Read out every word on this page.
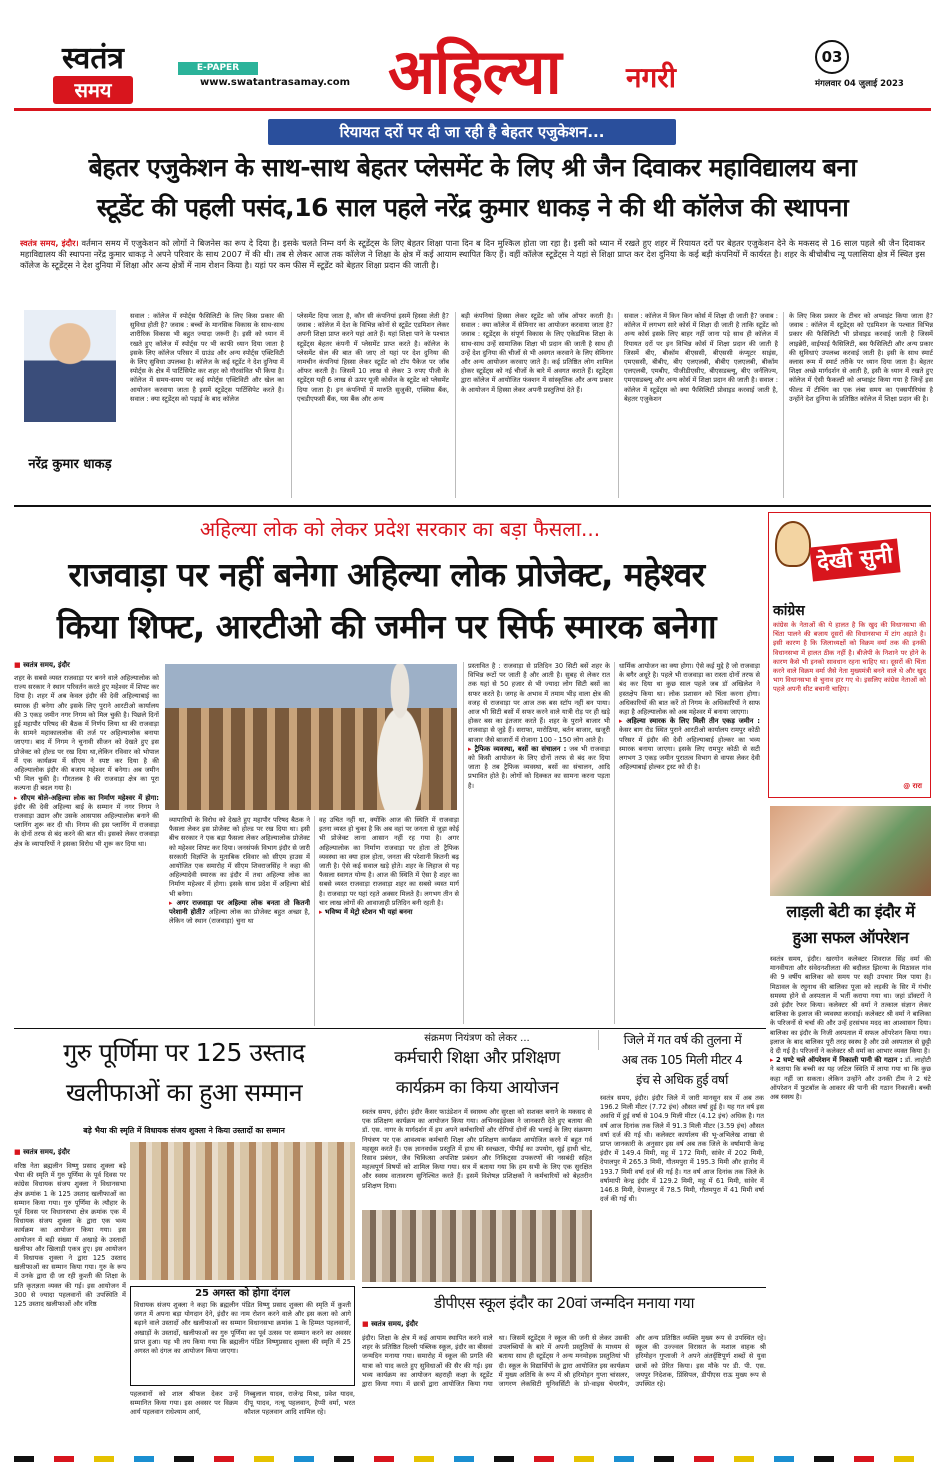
स्वतंत्र
समय
E-PAPER
www.swatantrasamay.com अहिल्या नगरी
03
मंगलवार 04 जुलाई 2023
रियायत दरों पर दी जा रही है बेहतर एजुकेशन...
बेहतर एजुकेशन के साथ-साथ बेहतर प्लेसमेंट के लिए श्री जैन दिवाकर महाविद्यालय बना
स्टूडेंट की पहली पसंद,16 साल पहले नरेंद्र कुमार धाकड़ ने की थी कॉलेज की स्थापना
स्वतंत्र समय, इंदौर। वर्तमान समय में एजुकेशन को लोगों ने बिजनेस का रूप दे दिया है। इसके चलते निम्न वर्ग के स्टूडेंट्स के लिए बेहतर शिक्षा पाना दिन ब दिन मुश्किल होता जा रहा है। इसी को ध्यान में रखते हुए शहर में रियायत दरों पर बेहतर एजुकेशन देने के मकसद से 16 साल पहले श्री जैन दिवाकर महाविद्यालय की स्थापना नरेंद्र कुमार धाकड़ ने अपने परिवार के साथ 2007 में की थी। तब से लेकर आज तक कॉलेज ने शिक्षा के क्षेत्र में कई आयाम स्थापित किए हैं। वहीं कॉलेज स्टूडेंट्स ने यहां से शिक्षा प्राप्त कर देश दुनिया के कई बड़ी कंपनियों में कार्यरत है। शहर के बीचोबीच न्यू पलासिया क्षेत्र में स्थित इस कॉलेज के स्टूडेंट्स ने देश दुनिया में शिक्षा और अन्य क्षेत्रों में नाम रोशन किया है। यहां पर कम फीस में स्टूडेंट को बेहतर शिक्षा प्रदान की जाती है।
नरेंद्र कुमार धाकड़
सवाल : कॉलेज में स्पोर्ट्स फैसिलिटी के लिए किस प्रकार की सुविधा होती है? जवाब : बच्चों के मानसिक विकास के साथ-साथ शारीरिक विकास भी बहुत ज्यादा जरूरी है। इसी को ध्यान में रखते हुए कॉलेज में स्पोर्ट्स पर भी काफी ध्यान दिया जाता है इसके लिए कॉलेज परिसर में ग्राउंड और अन्य स्पोर्ट्स एक्टिविटी के लिए सुविधा उपलब्ध है। कॉलेज के कई स्टूडेंट ने देश दुनिया में स्पोर्ट्स के क्षेत्र में पार्टिसिपेट कर शहर को गौरवांवित भी किया है। कॉलेज में समय-समय पर कई स्पोर्ट्स एक्टिविटी और खेल का आयोजन करवाया जाता है इसमें स्टूडेंट्स पार्टिसिपेट करते है। सवाल : क्या स्टूडेंट्स को पढ़ाई के बाद कॉलेज
प्लेसमेंट दिया जाता है, कौन सी कंपनियां इसमें हिस्सा लेती है? जवाब : कॉलेज में देश के विभिन्न कोनों से स्टूडेंट एडमिशन लेकर अपनी शिक्षा प्राप्त करने यहां आते हैं। यहां शिक्षा पाने के पश्चात स्टूडेंट्स बेहतर कंपनी में प्लेसमेंट प्राप्त करते है। कॉलेज के प्लेसमेंट सेल की बात की जाए तो यहां पर देश दुनिया की नामचीन कंपनियां हिस्सा लेकर स्टूडेंट को टॉप पैकेज पर जॉब ऑफर करती है। जिसमें 10 लाख से लेकर 3 रुपए पीजी के स्टूडेंट्स यही 6 लाख से ऊपर यूजी कोर्सेज के स्टूडेंट को प्लेसमेंट दिया जाता है। इन कंपनियों में मारुति सुजुकी, एक्सिस बैंक, एचडीएफसी बैंक, यस बैंक और अन्य
बड़ी कंपनियां हिस्सा लेकर स्टूडेंट को जॉब ऑफर करती है। सवाल : क्या कॉलेज में सेमिनार का आयोजन करवाया जाता है? जवाब : स्टूडेंट्स के संपूर्ण विकास के लिए एकेडमिक शिक्षा के साथ-साथ उन्हें सामाजिक शिक्षा भी प्रदान की जाती है साथ ही उन्हें देश दुनिया की चीजों से भी अवगत करवाने के लिए सेमिनार और अन्य आयोजन करवाए जाते है। कई प्रतिष्ठित लोग शामिल होकर स्टूडेंट्स को नई चीजों के बारे में अवगत कराते हैं। स्टूडेंट्स द्वारा कॉलेज में आयोजित फंक्शन में सांस्कृतिक और अन्य प्रकार के आयोजन में हिस्सा लेकर अपनी प्रस्तुतियां देते हैं।
सवाल : कॉलेज में किन किन कोर्स में शिक्षा दी जाती है? जवाब : कॉलेज में लगभग सारे कोर्स में शिक्षा दी जाती है ताकि स्टूडेंट को अन्य कोर्स इसके लिए बाहर नहीं जाना पड़े साथ ही कॉलेज में रियायत दरों पर इन विभिन्न कोर्स में शिक्षा प्रदान की जाती है जिसमें बीए, बीकॉम बीएससी, बीएससी कंप्यूटर साइंस, एमएससी, बीबीए, बीए एलएलबी, बीबीए एलएलबी, बीकॉम एलएलबी, एमबीए, पीजीडीएसीए, बीएसडब्ल्यू, बीए जर्नलिज्म, एमएसडब्ल्यू और अन्य कोर्स में शिक्षा प्रदान की जाती है। सवाल : कॉलेज में स्टूडेंट्स को क्या फैसिलिटी प्रोवाइड करवाई जाती है, बेहतर एजुकेशन
के लिए किस प्रकार के टीचर को अप्वाइंट किया जाता है? जवाब : कॉलेज में स्टूडेंट्स को एडमिशन के पश्चात विभिन्न प्रकार की फैसिलिटी भी प्रोवाइड करवाई जाती है जिसमें लाइब्रेरी, वाईफाई फैसिलिटी, बस फैसिलिटी और अन्य प्रकार की सुविधाएं उपलब्ध करवाई जाती है। इसी के साथ स्मार्ट क्लास रूम में स्मार्ट तरीके पर ध्यान दिया जाता है। बेहतर शिक्षा अच्छे मार्गदर्शन से आती है, इसी के ध्यान में रखते हुए कॉलेज में ऐसी फैकल्टी को अप्वाइंट किया गया है जिन्हें इस फील्ड में टीचिंग का एक लंबा समय का एक्सपीरियंस है उन्होंने देश दुनिया के प्रतिष्ठित कॉलेज में शिक्षा प्रदान की है।
अहिल्या लोक को लेकर प्रदेश सरकार का बड़ा फैसला...
राजवाड़ा पर नहीं बनेगा अहिल्या लोक प्रोजेक्ट, महेश्वर
किया शिफ्ट, आरटीओ की जमीन पर सिर्फ स्मारक बनेगा
■ स्वतंत्र समय, इंदौर
शहर के सबसे व्यस्त राजवाड़ा पर बनने वाले अहिल्यालोक को राज्य सरकार ने स्थान परिवर्तन करते हुए महेश्वर में शिफ्ट कर दिया है। शहर में अब केवल इंदौर की देवी अहिल्याबाई का स्मारक ही बनेगा और इसके लिए पुराने आरटीओ कार्यालय की 3 एकड़ जमीन नगर निगम को मिल चुकी है। पिछले दिनों हुई महापौर परिषद की बैठक में निर्णय लिया था की राजवाड़ा के सामने महाकाललोक की तर्ज पर अहिल्यालोक बनाया जाएगा। बाद में निगम ने चुनावी सीजन को देखते हुए इस प्रोजेक्ट को होल्ड पर रख दिया था,लेकिन रविवार को भोपाल में एक कार्यक्रम में सीएम ने स्पष्ट कर दिया है की अहिल्यालोक इंदौर की बजाय महेश्वर में बनेगा। अब जमीन भी मिल चुकी है। गौरतलब है की राजवाड़ा क्षेत्र का पूरा कल्पना ही बदल गया है।
▸ सीएम बोले-अहिल्या लोक का निर्माण महेश्वर में होगा: इंदौर की देवी अहिल्या बाई के सम्मान में नगर निगम ने राजवाड़ा उद्यान और उसके आसपास अहिल्यालोक बनाने की प्लानिंग शुरू कर दी थी। निगम की इस प्लानिंग में राजवाड़ा के दोनों तरफ से बंद करने की बात थी। इसको लेकर राजवाड़ा क्षेत्र के व्यापारियों ने इसका विरोध भी शुरू कर दिया था।
व्यापारियों के विरोध को देखते हुए महापौर परिषद बैठक ने फैसला लेकर इस प्रोजेक्ट को होल्ड पर रख दिया था। इसी बीच सरकार ने एक बड़ा फैसला लेकर अहिल्यालोक प्रोजेक्ट को महेश्वर शिफ्ट कर दिया। जनसंपर्क विभाग इंदौर से जारी सरकारी विज्ञप्ति के मुताबिक रविवार को सीएम हाउस में आयोजित एक समारोह में सीएम शिवराजसिंह ने कहा की अहिल्यादेवी स्मारक का इंदौर में तथा अहिल्या लोक का निर्माण महेश्वर में होगा। इसके साथ प्रदेश में अहिल्या बोर्ड भी बनेगा।
▸ अगर राजवाड़ा पर अहिल्या लोक बनता तो कितनी परेशानी होती? अहिल्या लोक का प्रोजेक्ट बहुत अच्छा है, लेकिन जो स्थान (राजवाड़ा) चुना था
वह उचित नहीं था, क्योंकि आज की स्थिति में राजवाड़ा इतना व्यस्त हो चुका है कि अब वहां पर जनता से जुड़ा कोई भी प्रोजेक्ट लाना आसान नहीं रह गया है। अगर अहिल्यालोक का निर्माण राजवाड़ा पर होता तो ट्रैफिक व्यवस्था का क्या हाल होता, जनता की परेशानी कितनी बढ़ जाती है। ऐसे कई सवाल खड़े होते। शहर के लिहाज से यह फैसला स्वागत योग्य है। आज की स्थिति में ऐसा है शहर का सबसे व्यस्त राजवाड़ा राजवाड़ा शहर का सबसे व्यस्त मार्ग है। राजवाड़ा पर यहां रहते अक्सर मिलते है। लगभग तीन से चार लाख लोगों की आवाजाही प्रतिदिन बनी रहती है।
▸ भविष्य में मेट्रो स्टेशन भी यहां बनना
प्रस्तावित है : राजवाड़ा से प्रतिदिन 30 सिटी बसें शहर के विभिन्न रूटों पर जाती है और आती है। सुबह से लेकर रात तक यहां से 50 हजार से भी ज्यादा लोग सिटी बसों का सफर करते है। जगह के अभाव में तमाम भीड़ वाला क्षेत्र की वजह से राजवाड़ा पर आज तक बस स्टॉप नहीं बन पाया। आज भी सिटी बसों में सफर करने वाले यात्री रोड़ पर ही खड़े होकर बस का इंतजार करते हैं। शहर के पुराने बाजार भी राजवाड़ा से जुड़े हैं। सराफा, मारोठिया, बर्तन बाजार, खजूरी बाजार जैसे बाजारों में रोजाना 100 - 150 लोग आते है।
▸ ट्रैफिक व्यवस्था, बसों का संचालन : जब भी राजवाड़ा को किसी आयोजन के लिए दोनों तरफ से बंद कर दिया जाता है तब ट्रैफिक व्यवस्था, बसों का संचालन, आदि प्रभावित होते है। लोगों को दिक्कत का सामना करना पड़ता है।
धार्मिक आयोजन का क्या होगा। ऐसे कई मुद्दे है जो राजवाड़ा के बगैर अधूरे है। पहले भी राजवाड़ा का रास्ता दोनों तरफ से बंद कर दिया था कुछ साल पहले जब डॉ अखिलेश ने हस्तक्षेप किया था। लोक प्रशासन को चिंता करना होगा। अधिकारियों की बात करें तो निगम के अधिकारियों ने साफ कहा है अहिल्यालोक को अब महेश्वर में बनाया जाएगा।
▸ अहिल्या स्मारक के लिए मिली तीन एकड़ जमीन : केसर बाग रोड स्थित पुराने आरटीओ कार्यालय रामपुर कोठी परिसर में इंदौर की देवी अहिल्याबाई होल्कर का भव्य स्मारक बनाया जाएगा। इसके लिए रामपुर कोठी से सटी लगभग 3 एकड़ जमीन पुरातत्व विभाग से वापस लेकर देवी अहिल्याबाई होल्कर ट्रस्ट को दी है।
देखी सुनी
कांग्रेस
कांग्रेस के नेताओं की ये हालत है कि खुद की विधानसभा की चिंता पालने की बजाय दूसरों की विधानसभा में टांग अड़ाते है। इसी कारण है कि जिलाध्यक्षों को विक्रम वर्मा तक की इनकी विधानसभा में हालत ठीक नहीं है। बीजेपी के निशाने पर होने के कारण कैसे भी इनको सावधान रहना चाहिए था। दूसरों की चिंता करने वाले विक्रम वर्मा जैसे नेता मुख्यमंत्री बनने वाले थे और खुद भाग विधानसभा से चुनाव हार गए थे। इसलिए कांग्रेस नेताओं को पहले अपनी सीट बचानी चाहिए।
@ रारा
लाड़ली बेटी का इंदौर में
हुआ सफल ऑपरेशन
स्वतंत्र समय, इंदौर। खरगोन कलेक्टर शिवराज सिंह वर्मा की मानवीयता और संवेदनशीलता की बदौलत झिरन्या के मिठावल गांव की 9 वर्षीय बालिका को समय पर सही उपचार मिल पाया है। मिठावल के रघुनाथ की बालिका पूजा को लड़की के सिर में गंभीर समस्या होने से अस्पताल में भर्ती कराया गया था। जहां डॉक्टरों ने उसे इंदौर रेफर किया। कलेक्टर श्री वर्मा ने तत्काल संज्ञान लेकर बालिका के इलाज की व्यवस्था करवाई। कलेक्टर श्री वर्मा ने बालिका के परिजनों से चर्चा की और उन्हें हरसंभव मदद का आश्वासन दिया। बालिका का इंदौर के निजी अस्पताल में सफल ऑपरेशन किया गया। इलाज के बाद बालिका पूरी तरह स्वस्थ है और उसे अस्पताल से छुट्टी दे दी गई है। परिजनों ने कलेक्टर श्री वर्मा का आभार व्यक्त किया है।
▸ 2 घण्टे चले ऑपरेशन में निकाली पानी की गठान : डॉ. लाहोटी ने बताया कि बच्ची का यह जटिल स्थिति में लाया गया था कि कुछ कहा नहीं जा सकता। लेकिन उन्होंने और उनकी टीम ने 2 घंटे ऑपरेशन में फुटबॉल के आकार की पानी की गठान निकाली। बच्ची अब स्वस्थ है।
गुरु पूर्णिमा पर 125 उस्ताद
खलीफाओं का हुआ सम्मान
बड़े भैया की स्मृति में विधायक संजय शुक्ला ने किया उस्तादों का सम्मान
■ स्वतंत्र समय, इंदौर
वरिष्ठ नेता ब्रह्मलीन विष्णु प्रसाद शुक्ला बड़े भैया की स्मृति में गुरु पूर्णिमा के पूर्व दिवस पर कांग्रेस विधायक संजय शुक्ला ने विधानसभा क्षेत्र क्रमांक 1 के 125 उस्ताद खलीफाओं का सम्मान किया गया। गुरु पूर्णिमा के त्यौहार के पूर्व दिवस पर विधानसभा क्षेत्र क्रमांक एक में विधायक संजय शुक्ला के द्वारा एक भव्य कार्यक्रम का आयोजन किया गया। इस आयोजन में बड़ी संख्या में अखाड़े के उस्तादों खलीफा और खिलाड़ी एकत्र हुए। इस आयोजन में विधायक शुक्ला ने द्वारा 125 उस्ताद खलीफाओं का सम्मान किया गया। गुरु के रूप में उनके द्वारा दी जा रही कुश्ती की शिक्षा के प्रति कृतज्ञता व्यक्त की गई। इस आयोजन में 300 से ज्यादा पहलवानों की उपस्थिति में 125 उस्ताद खलीफाओं और वरिष्ठ
25 अगस्त को होगा दंगल
विधायक संजय शुक्ला ने कहा कि ब्रह्मलीन पंडित विष्णु प्रसाद शुक्ला की स्मृति में कुश्ती जगत में अपना बड़ा योगदान देने, इंदौर का नाम रोशन करने वाले और इस कला को आगे बढ़ाने वाले उस्तादों और खलीफाओं का सम्मान विधानसभा क्रमांक 1 के हिम्मत पहलवानों, अखाड़ों के उस्तादों, खलीफाओं का गुरु पूर्णिमा का पूर्व उत्सव पर सम्मान करने का अवसर प्राप्त हुआ। यह भी तय किया गया कि ब्रह्मलीन पंडित विष्णुप्रसाद शुक्ला की स्मृति में 25 अगस्त को दंगल का आयोजन किया जाएगा।
पहलवानों को शाल श्रीफल देकर उन्हें सम्मानित किया गया। इस अवसर पर विक्रम आर्य पहलवान राधेश्याम आर्य,
निब्बुलाल यादव, राजेन्द्र मिश्रा, प्रवेश यादव, दीपू यादव, नत्थू पहलवान, हैप्पी वर्मा, भरत कौशल पहलवान आदि शामिल रहे।
संक्रमण नियंत्रण को लेकर ...
कर्मचारी शिक्षा और प्रशिक्षण
कार्यक्रम का किया आयोजन
स्वतंत्र समय, इंदौर। इंदौर कैंसर फाउंडेशन में स्वास्थ्य और सुरक्षा को सशक्त बनाने के मकसद से एक प्रशिक्षण कार्यक्रम का आयोजन किया गया। अभिनवइंडेक्स ने जानकारी देते हुए बताया की डॉ. एस. नागर के मार्गदर्शन में हम अपने कर्मचारियों और रोगियों दोनों की भलाई के लिए संक्रमण नियंत्रण पर एक आवश्यक कर्मचारी शिक्षा और प्रशिक्षण कार्यक्रम आयोजित करने में बहुत गर्व महसूस करते हैं। एक ज्ञानवर्धक प्रस्तुति में हाथ की स्वच्छता, पीपीई का उपयोग, सुई हाथी चोट, रिसाव प्रबंधन, जैव चिकित्सा अपशिष्ट प्रबंधन और निकिट्सा उपकरणों की नसबंदी सहित महत्वपूर्ण विषयों को शामिल किया गया। सत्र में बताया गया कि हम सभी के लिए एक सुरक्षित और स्वस्थ वातावरण सुनिश्चित करते हैं। इसमें विशेषज्ञ प्रशिक्षकों ने कर्मचारियों को बेहतरीन प्रशिक्षण दिया।
जिले में गत वर्ष की तुलना में
अब तक 105 मिली मीटर 4
इंच से अधिक हुई वर्षा
स्वतंत्र समय, इंदौर। इंदौर जिले में जारी मानसून सत्र में अब तक 196.2 मिली मीटर (7.72 इंच) औसत वर्षा हुई है। यह गत वर्ष इस अवधि में हुई वर्षा से 104.9 मिली मीटर (4.12 इंच) अधिक है। गत वर्ष आज दिनांक तक जिले में 91.3 मिली मीटर (3.59 इंच) औसत वर्षा दर्ज की गई थी। कलेक्टर कार्यालय की भू-अभिलेख शाखा से प्राप्त जानकारी के अनुसार इस वर्ष अब तक जिले के वर्षामापी केन्द्र इंदौर में 149.4 मिमी, महू में 172 मिमी, सांवेर में 202 मिमी, देपालपुर में 265.3 मिमी, गौतमपुरा में 195.3 मिमी और हातोद में 193.7 मिमी वर्षा दर्ज की गई है। गत वर्ष आज दिनांक तक जिले के वर्षामापी केन्द्र इंदौर में 129.2 मिमी, महू में 61 मिमी, सांवेर में 146.8 मिमी, देपालपुर में 78.5 मिमी, गौतमपुरा में 41 मिमी वर्षा दर्ज की गई थी।
डीपीएस स्कूल इंदौर का 20वां जन्मदिन मनाया गया
■ स्वतंत्र समय, इंदौर
इंदौर। शिक्षा के क्षेत्र में कई आयाम स्थापित करने वाले शहर के प्रतिष्ठित दिल्ली पब्लिक स्कूल, इंदौर का बीसवां जन्मदिन मनाया गया। समारोह में स्कूल की प्रगति की यात्रा को याद करते हुए सुविधाओं की सैर की गई। इस भव्य कार्यक्रम का आयोजन बहराही कक्षा के स्टूडेंट द्वारा किया गया। में छात्रों द्वारा आयोजित किया गया था। जिसमें स्टूडेंट्स ने स्कूल की जनी से लेकर उसकी उपलब्धियों के बारे में अपनी प्रस्तुतियों के माध्यम से बताया साथ ही स्टूडेंट्स ने अन्य मनमोहक प्रस्तुतियां भी दी। स्कूल के विद्यार्थियों के द्वारा आयोजित इस कार्यक्रम में मुख्य अतिथि के रूप में श्री हरिमोहन गुप्ता चांसलर, जागरण लेकसिटी यूनिवर्सिटी के प्रो-वाइस चेयरमैन, और अन्य प्रतिष्ठित व्यक्ति मुख्य रूप से उपस्थित रहे। स्कूल की उज्ज्वल विरासत के मशाल वाहक श्री हरिमोहन गुप्ताजी ने अपने अंतर्दृष्टिपूर्ण शब्दों से युवा छात्रों को प्रेरित किया। इस मौके पर डी. पी. एस. जयपुर निदेशक, प्रिंसिपल, डीपीएस राऊ मुख्य रूप से उपस्थित रहे।
